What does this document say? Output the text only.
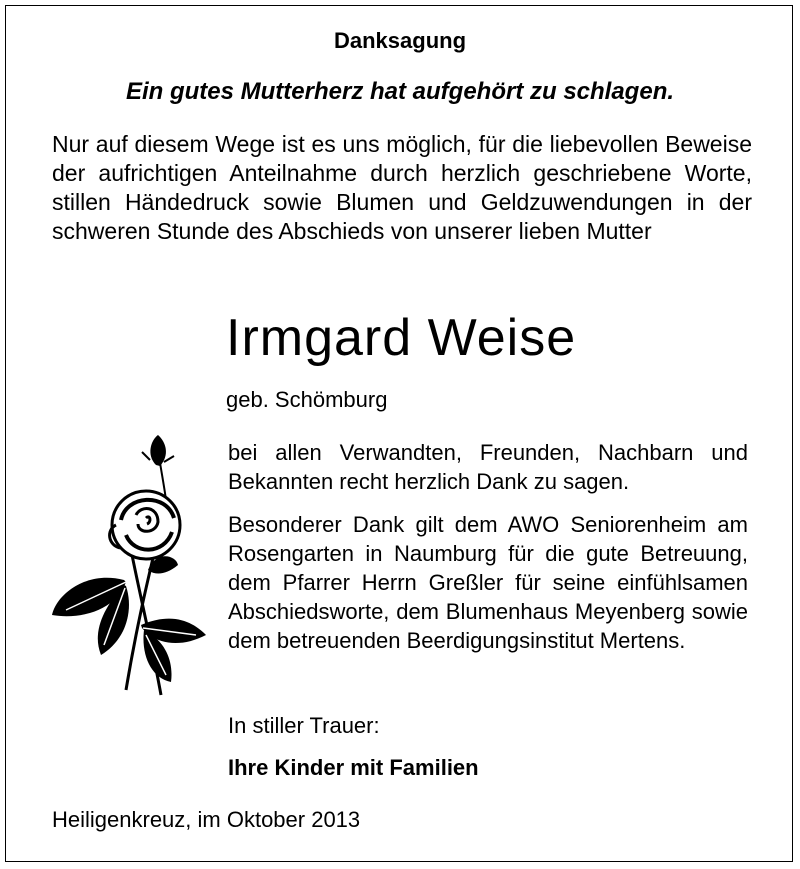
Danksagung
Ein gutes Mutterherz hat aufgehört zu schlagen.
Nur auf diesem Wege ist es uns möglich, für die liebevollen Beweise der aufrichtigen Anteilnahme durch herzlich geschriebene Worte, stillen Händedruck sowie Blumen und Geldzuwendungen in der schweren Stunde des Abschieds von unserer lieben Mutter
Irmgard Weise
geb. Schömburg
bei allen Verwandten, Freunden, Nachbarn und Bekannten recht herzlich Dank zu sagen.
Besonderer Dank gilt dem AWO Seniorenheim am Rosengarten in Naumburg für die gute Betreuung, dem Pfarrer Herrn Greßler für seine einfühlsamen Abschiedsworte, dem Blumenhaus Meyenberg sowie dem betreuenden Beerdigungsinstitut Mertens.
In stiller Trauer:
Ihre Kinder mit Familien
Heiligenkreuz, im Oktober 2013
